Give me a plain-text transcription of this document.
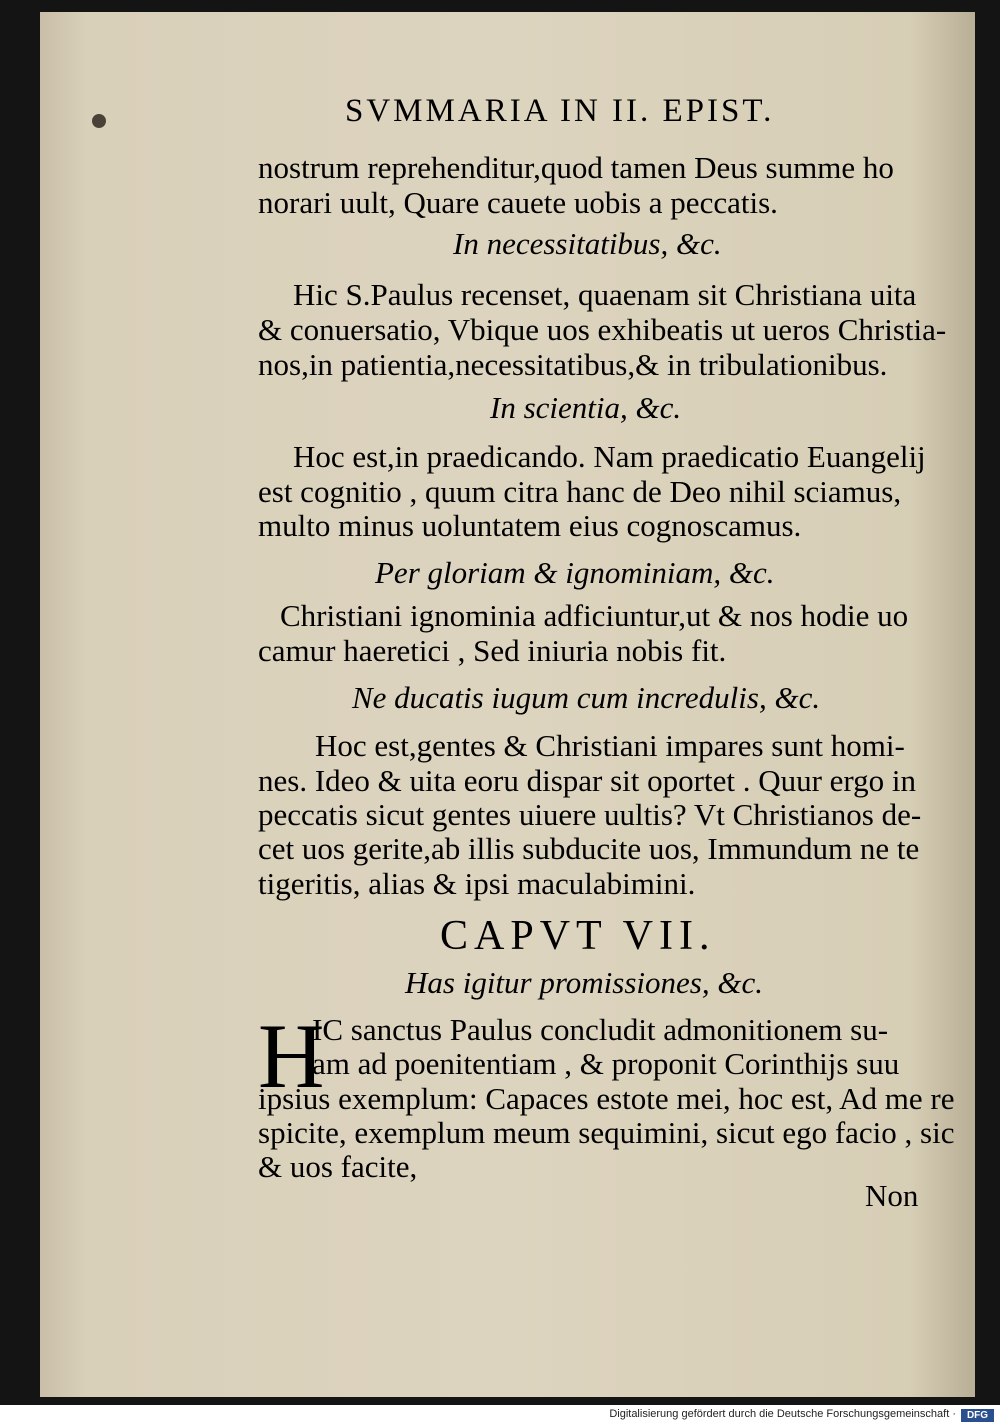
SVMMARIA IN II. EPIST.
nostrum reprehenditur,quod tamen Deus summe ho
norari uult, Quare cauete uobis a peccatis.
In necessitatibus, &c.
Hic S.Paulus recenset, quaenam sit Christiana uita
& conuersatio, Vbique uos exhibeatis ut ueros Christia-
nos,in patientia,necessitatibus,& in tribulationibus.
In scientia, &c.
Hoc est,in praedicando. Nam praedicatio Euangelij
est cognitio , quum citra hanc de Deo nihil sciamus,
multo minus uoluntatem eius cognoscamus.
Per gloriam & ignominiam, &c.
Christiani ignominia adficiuntur,ut & nos hodie uo
camur haeretici , Sed iniuria nobis fit.
Ne ducatis iugum cum incredulis, &c.
Hoc est,gentes & Christiani impares sunt homi-
nes. Ideo & uita eoru dispar sit oportet . Quur ergo in
peccatis sicut gentes uiuere uultis? Vt Christianos de-
cet uos gerite,ab illis subducite uos, Immundum ne te
tigeritis, alias & ipsi maculabimini.
CAPVT VII.
Has igitur promissiones, &c.
H
IC sanctus Paulus concludit admonitionem su-
am ad poenitentiam , & proponit Corinthijs suu
ipsius exemplum: Capaces estote mei, hoc est, Ad me re
spicite, exemplum meum sequimini, sicut ego facio , sic
& uos facite,
Non
Digitalisierung gefördert durch die Deutsche Forschungsgemeinschaft ·	DFG
